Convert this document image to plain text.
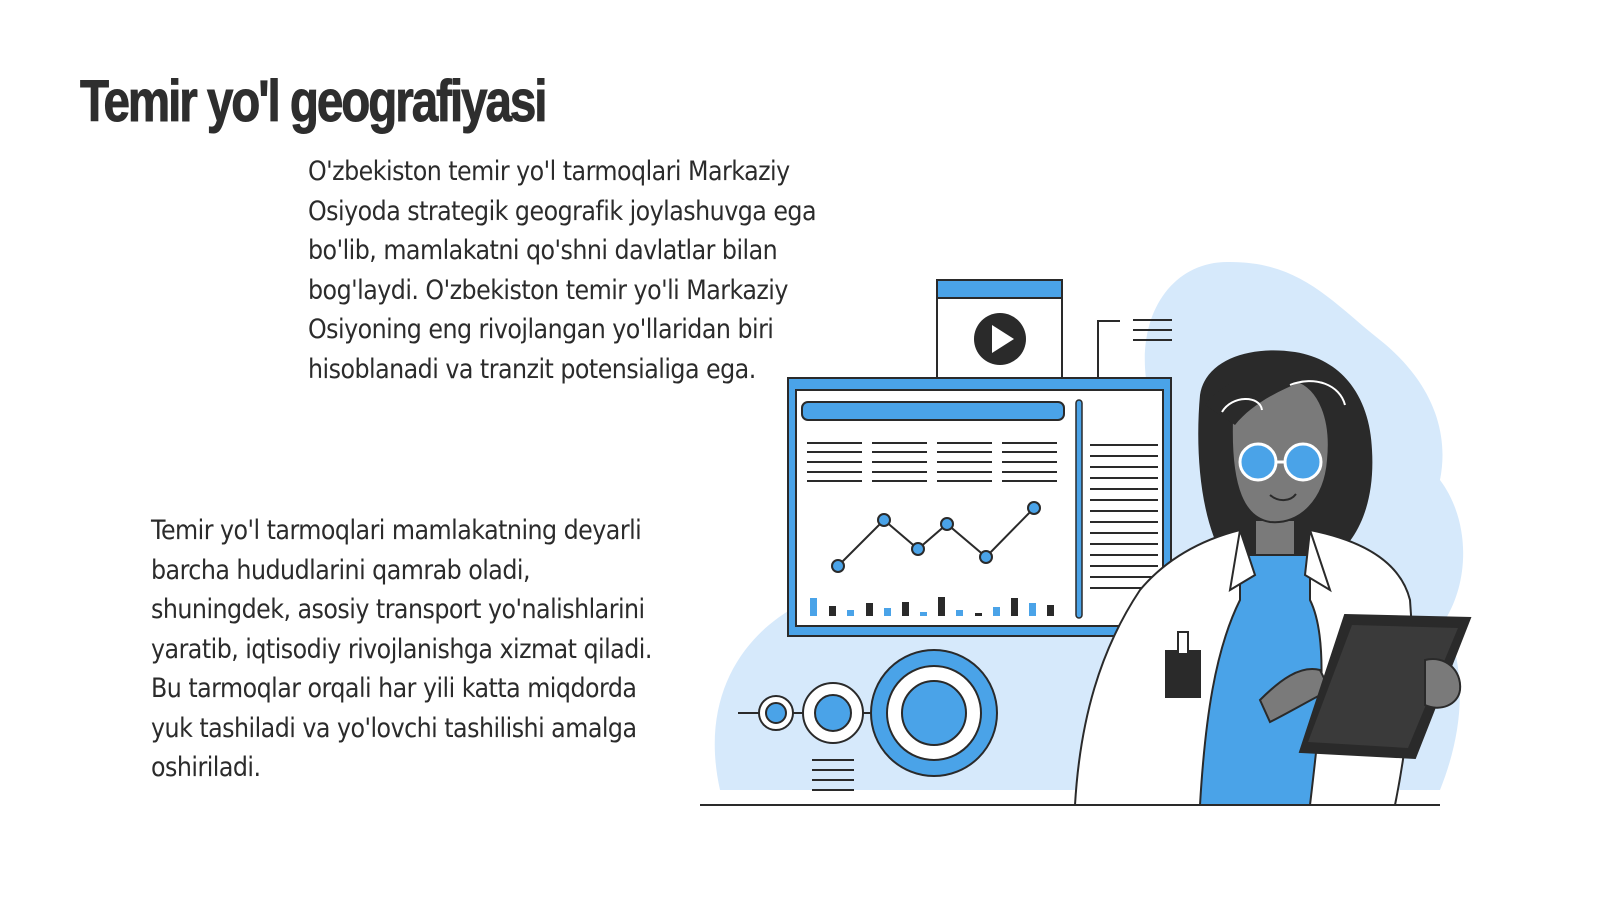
Temir yo'l geografiyasi
O'zbekiston temir yo'l tarmoqlari Markaziy
Osiyoda strategik geografik joylashuvga ega
bo'lib, mamlakatni qo'shni davlatlar bilan
bog'laydi. O'zbekiston temir yo'li Markaziy
Osiyoning eng rivojlangan yo'llaridan biri
hisoblanadi va tranzit potensialiga ega.
Temir yo'l tarmoqlari mamlakatning deyarli
barcha hududlarini qamrab oladi,
shuningdek, asosiy transport yo'nalishlarini
yaratib, iqtisodiy rivojlanishga xizmat qiladi.
Bu tarmoqlar orqali har yili katta miqdorda
yuk tashiladi va yo'lovchi tashilishi amalga
oshiriladi.
